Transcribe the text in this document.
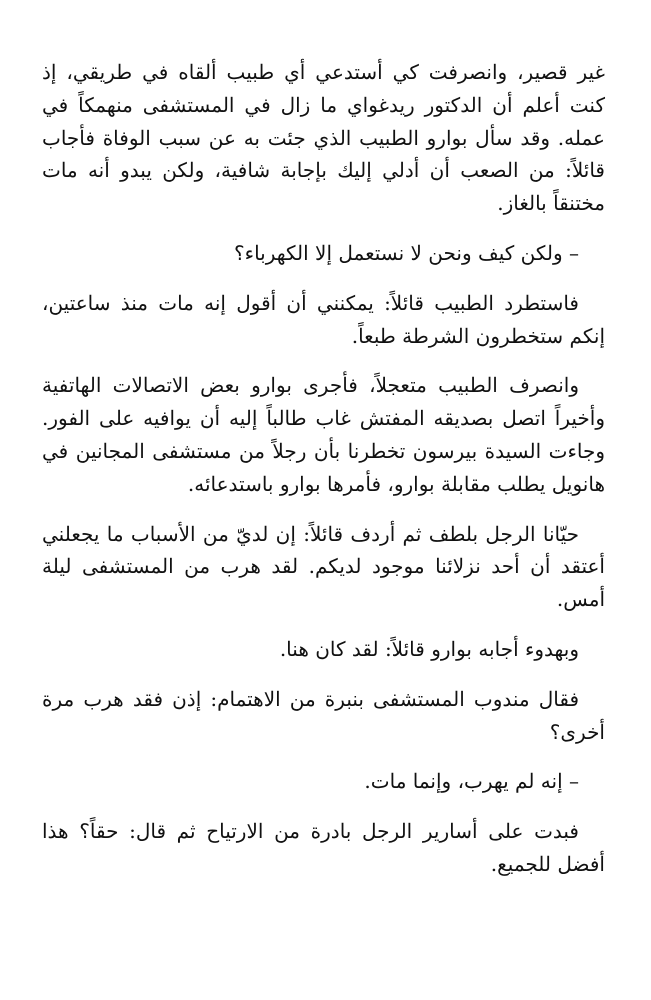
غير قصير، وانصرفت كي أستدعي أي طبيب ألقاه في طريقي، إذ كنت أعلم أن الدكتور ريدغواي ما زال في المستشفى منهمكاً في عمله. وقد سأل بوارو الطبيب الذي جئت به عن سبب الوفاة فأجاب قائلاً: من الصعب أن أدلي إليك بإجابة شافية، ولكن يبدو أنه مات مختنقاً بالغاز.

– ولكن كيف ونحن لا نستعمل إلا الكهرباء؟

فاستطرد الطبيب قائلاً: يمكنني أن أقول إنه مات منذ ساعتين، إنكم ستخطرون الشرطة طبعاً.

وانصرف الطبيب متعجلاً، فأجرى بوارو بعض الاتصالات الهاتفية وأخيراً اتصل بصديقه المفتش غاب طالباً إليه أن يوافيه على الفور. وجاءت السيدة بيرسون تخطرنا بأن رجلاً من مستشفى المجانين في هانويل يطلب مقابلة بوارو، فأمرها بوارو باستدعائه.

حيّانا الرجل بلطف ثم أردف قائلاً: إن لديّ من الأسباب ما يجعلني أعتقد أن أحد نزلائنا موجود لديكم. لقد هرب من المستشفى ليلة أمس.

وبهدوء أجابه بوارو قائلاً: لقد كان هنا.

فقال مندوب المستشفى بنبرة من الاهتمام: إذن فقد هرب مرة أخرى؟

– إنه لم يهرب، وإنما مات.

فبدت على أسارير الرجل بادرة من الارتياح ثم قال: حقاً؟ هذا أفضل للجميع.
